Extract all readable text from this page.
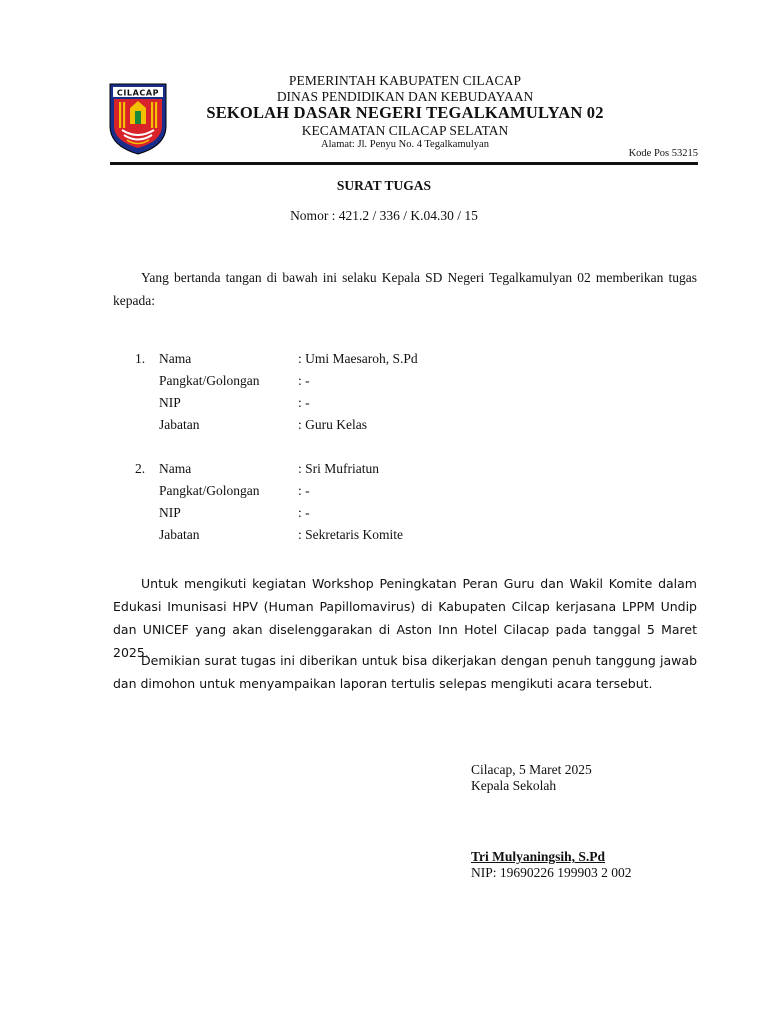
CILACAP
PEMERINTAH KABUPATEN CILACAP
DINAS PENDIDIKAN DAN KEBUDAYAAN
SEKOLAH DASAR NEGERI TEGALKAMULYAN 02
KECAMATAN CILACAP SELATAN
Alamat: Jl. Penyu No. 4 Tegalkamulyan
Kode Pos 53215
SURAT TUGAS
Nomor : 421.2 / 336 / K.04.30 / 15
Yang bertanda tangan di bawah ini selaku Kepala SD Negeri Tegalkamulyan 02 memberikan tugas kepada:
1. Nama	: Umi Maesaroh, S.Pd
Pangkat/Golongan	: -
NIP	: -
Jabatan	: Guru Kelas
2. Nama	: Sri Mufriatun
Pangkat/Golongan	: -
NIP	: -
Jabatan	: Sekretaris Komite
Untuk mengikuti kegiatan Workshop Peningkatan Peran Guru dan Wakil Komite dalam Edukasi Imunisasi HPV (Human Papillomavirus) di Kabupaten Cilcap kerjasana LPPM Undip dan UNICEF yang akan diselenggarakan di Aston Inn Hotel Cilacap pada tanggal 5 Maret 2025.
Demikian surat tugas ini diberikan untuk bisa dikerjakan dengan penuh tanggung jawab dan dimohon untuk menyampaikan laporan tertulis selepas mengikuti acara tersebut.
Cilacap, 5 Maret 2025
Kepala Sekolah
Tri Mulyaningsih, S.Pd
NIP: 19690226 199903 2 002
